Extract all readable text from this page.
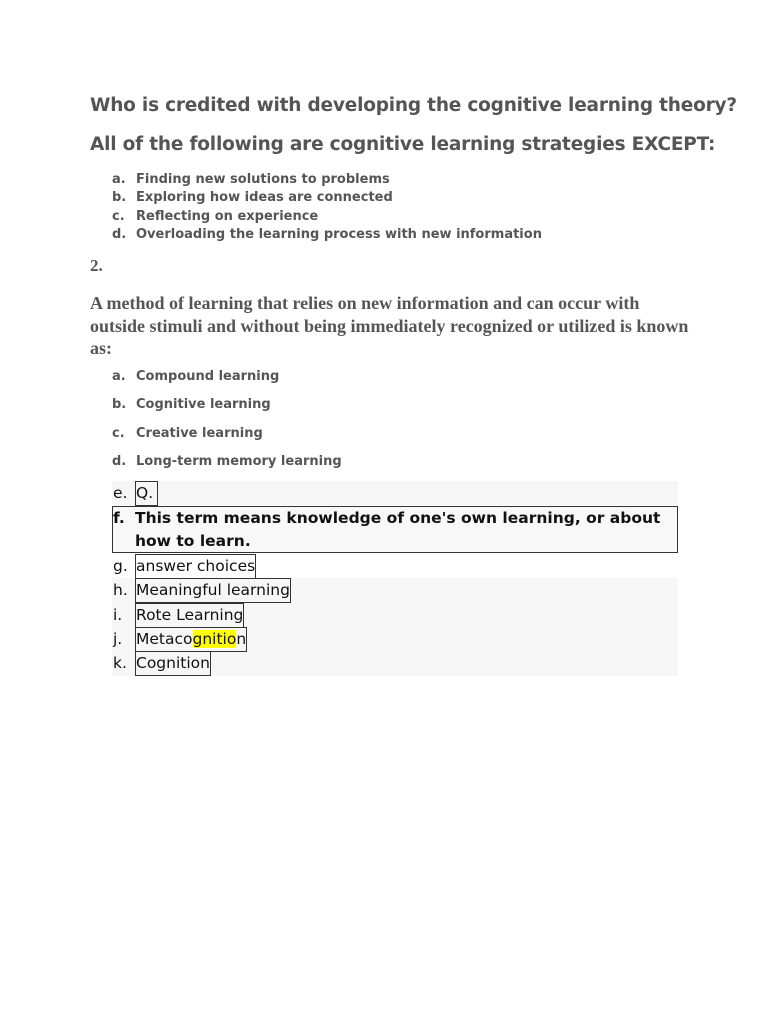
Who is credited with developing the cognitive learning theory?
All of the following are cognitive learning strategies EXCEPT:
a. Finding new solutions to problems
b. Exploring how ideas are connected
c. Reflecting on experience
d. Overloading the learning process with new information

2.

A method of learning that relies on new information and can occur with outside stimuli and without being immediately recognized or utilized is known as:

a. Compound learning
b. Cognitive learning
c. Creative learning
d. Long-term memory learning
e. Q.
f. This term means knowledge of one's own learning, or about how to learn.
g. answer choices
h. Meaningful learning
i. Rote Learning
j. Metacognition
k. Cognition
